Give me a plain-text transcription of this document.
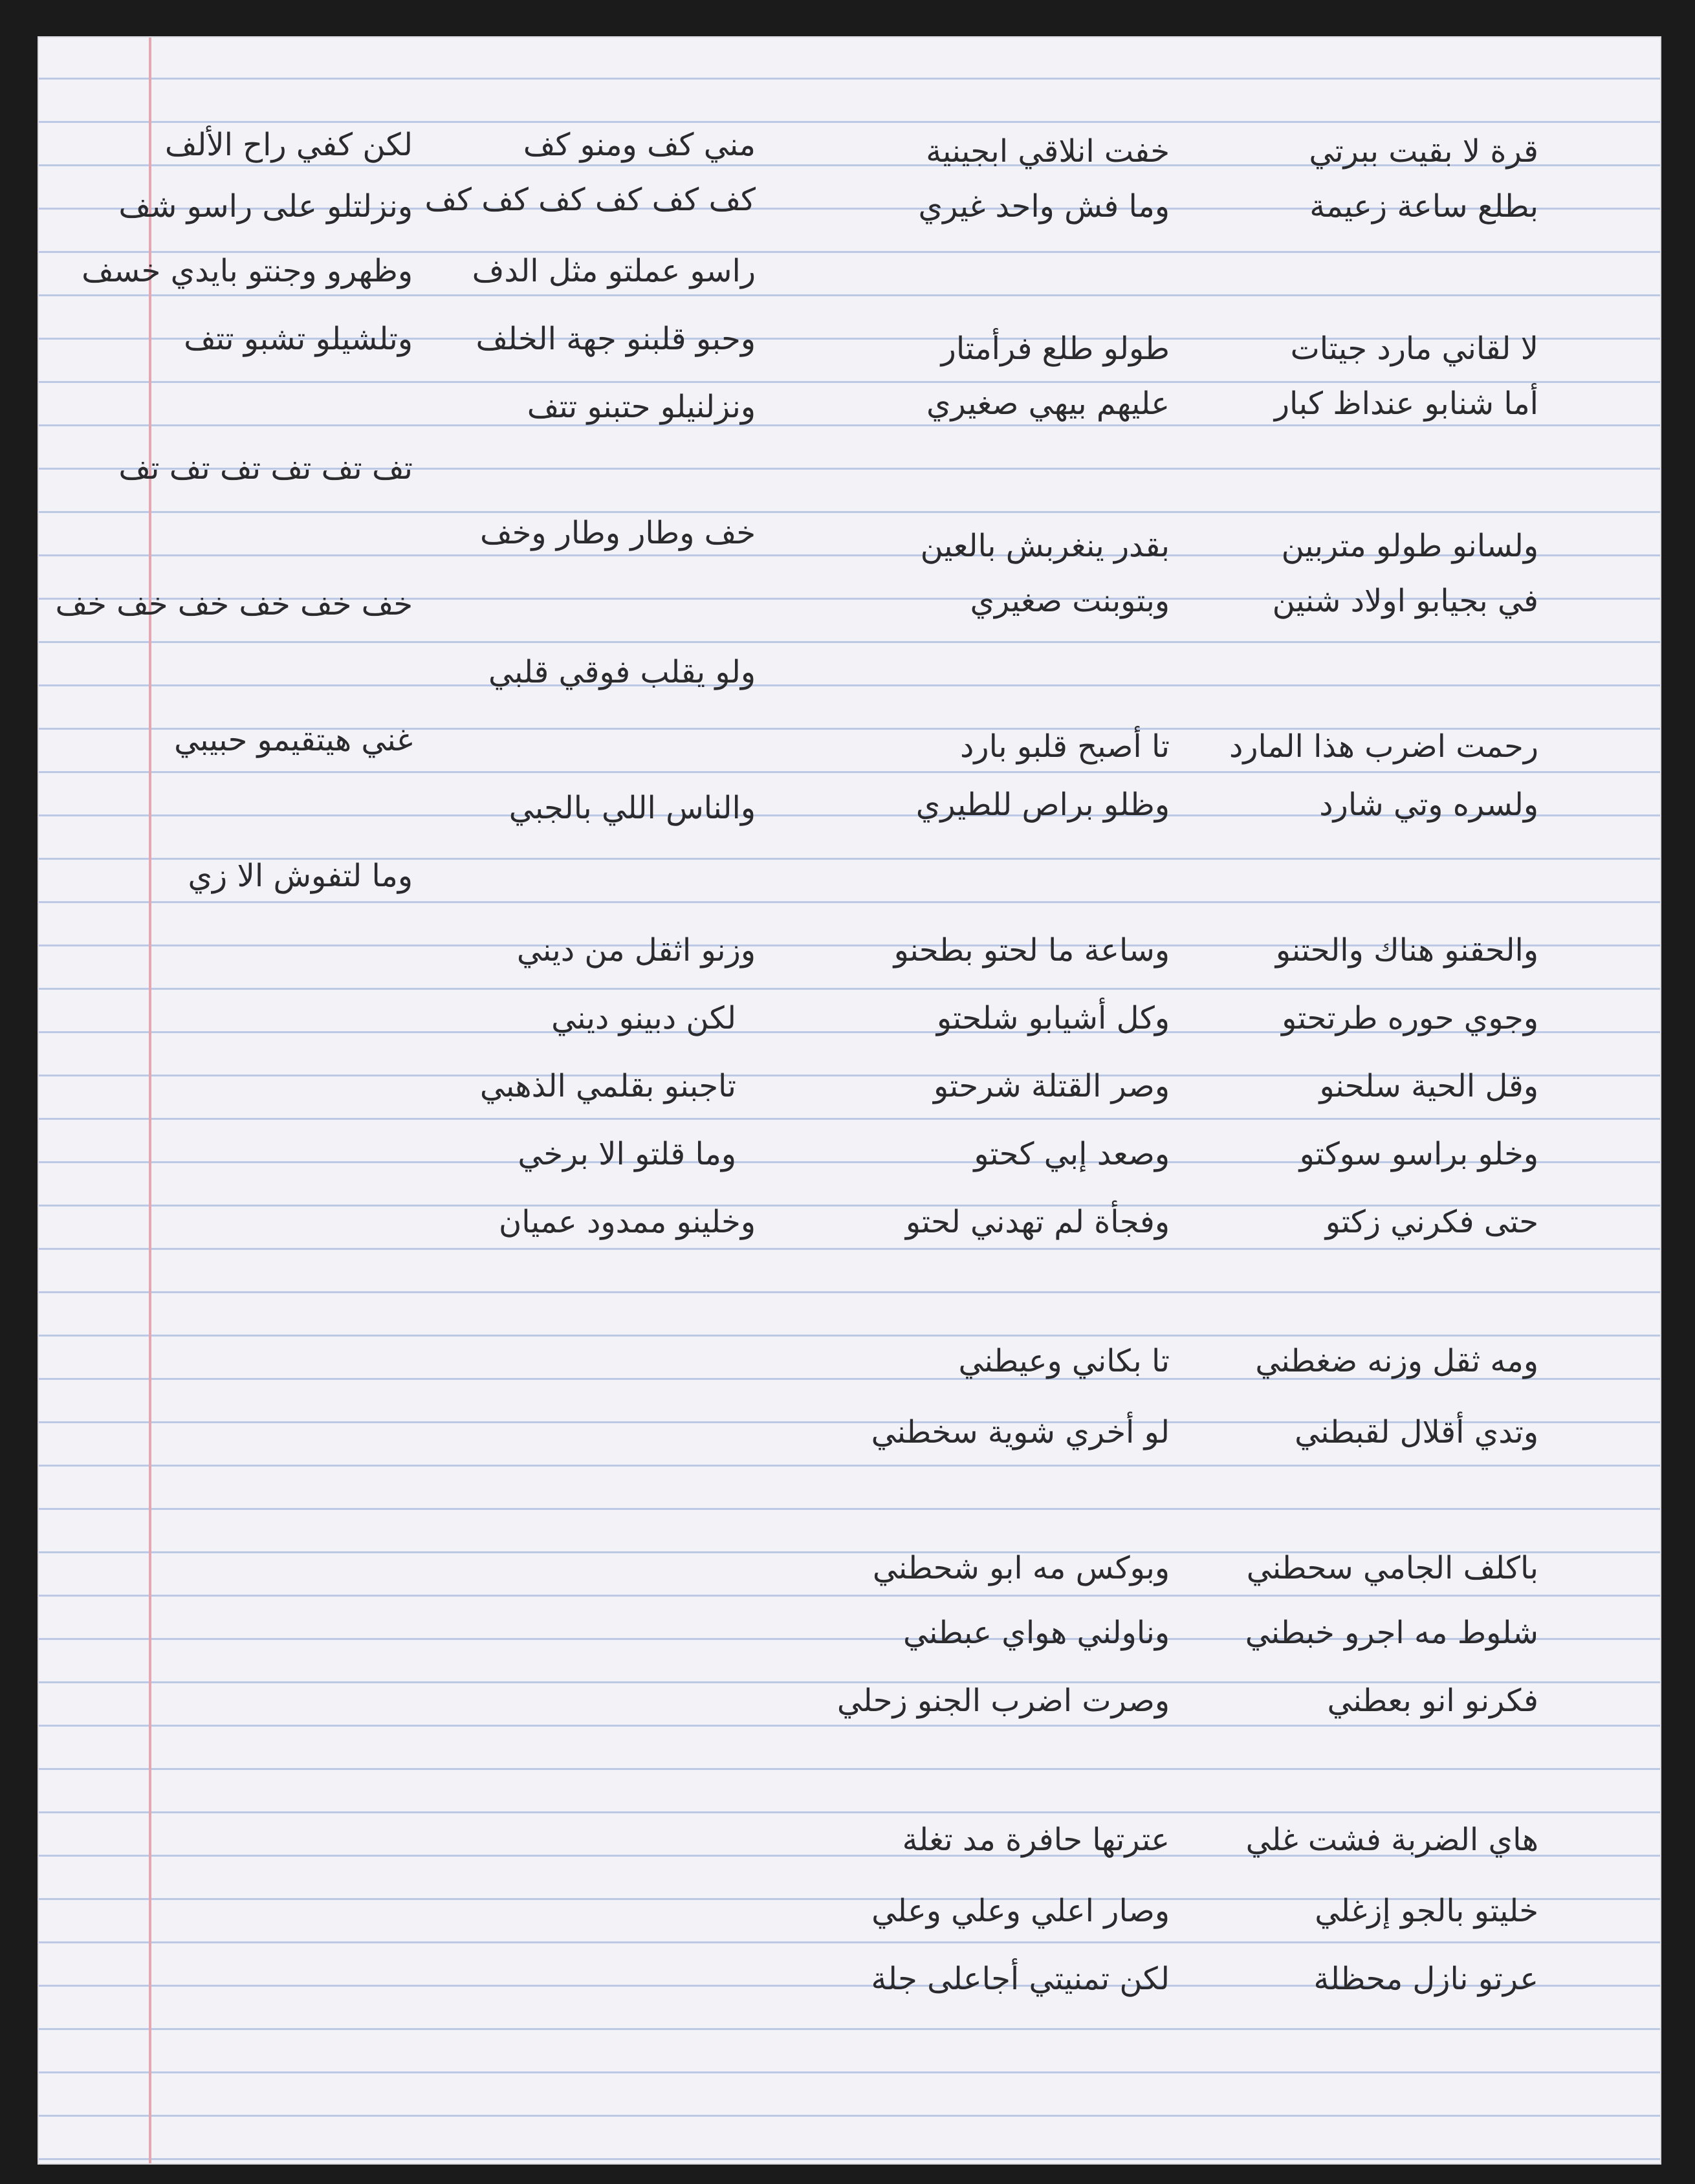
قرة لا بقيت ببرتي
بطلع ساعة زعيمة
لا لقاني مارد جيتات
أما شنابو عنداظ كبار
ولسانو طولو متربين
في بجيابو اولاد شنين
رحمت اضرب هذا المارد
ولسره وتي شارد
والحقنو هناك والحتنو
وجوي حوره طرتحتو
وقل الحية سلحنو
وخلو براسو سوكتو
حتى فكرني زكتو
ومه ثقل وزنه ضغطني
وتدي أقلال لقبطني
باكلف الجامي سحطني
شلوط مه اجرو خبطني
فكرنو انو بعطني
هاي الضربة فشت غلي
خليتو بالجو إزغلي
عرتو نازل محظلة
خفت انلاقي ابجينية
وما فش واحد غيري
طولو طلع فرأمتار
عليهم بيهي صغيري
بقدر ينغربش بالعين
وبتوبنت صغيري
تا أصبح قلبو بارد
وظلو براص للطيري
وساعة ما لحتو بطحنو
وكل أشيابو شلحتو
وصر القتلة شرحتو
وصعد إبي كحتو
وفجأة لم تهدني لحتو
تا بكاني وعيطني
لو أخري شوية سخطني
وبوكس مه ابو شحطني
وناولني هواي عبطني
وصرت اضرب الجنو زحلي
عترتها حافرة مد تغلة
وصار اعلي وعلي وعلي
لكن تمنيتي أجاعلى جلة
مني كف ومنو كف
كف كف كف كف كف كف
راسو عملتو مثل الدف
وحبو قلبنو جهة الخلف
ونزلنيلو حتبنو تتف
خف وطار وطار وخف
ولو يقلب فوقي قلبي
والناس اللي بالجبي
وزنو اثقل من ديني
لكن دبينو ديني
تاجبنو بقلمي الذهبي
وما قلتو الا برخي
وخلينو ممدود عميان
لكن كفي راح الألف
ونزلتلو على راسو شف
وظهرو وجنتو بايدي خسف
وتلشيلو تشبو تتف
تف تف تف تف تف تف
خف خف خف خف خف خف
غني هيتقيمو حبيبي
وما لتفوش الا زي
